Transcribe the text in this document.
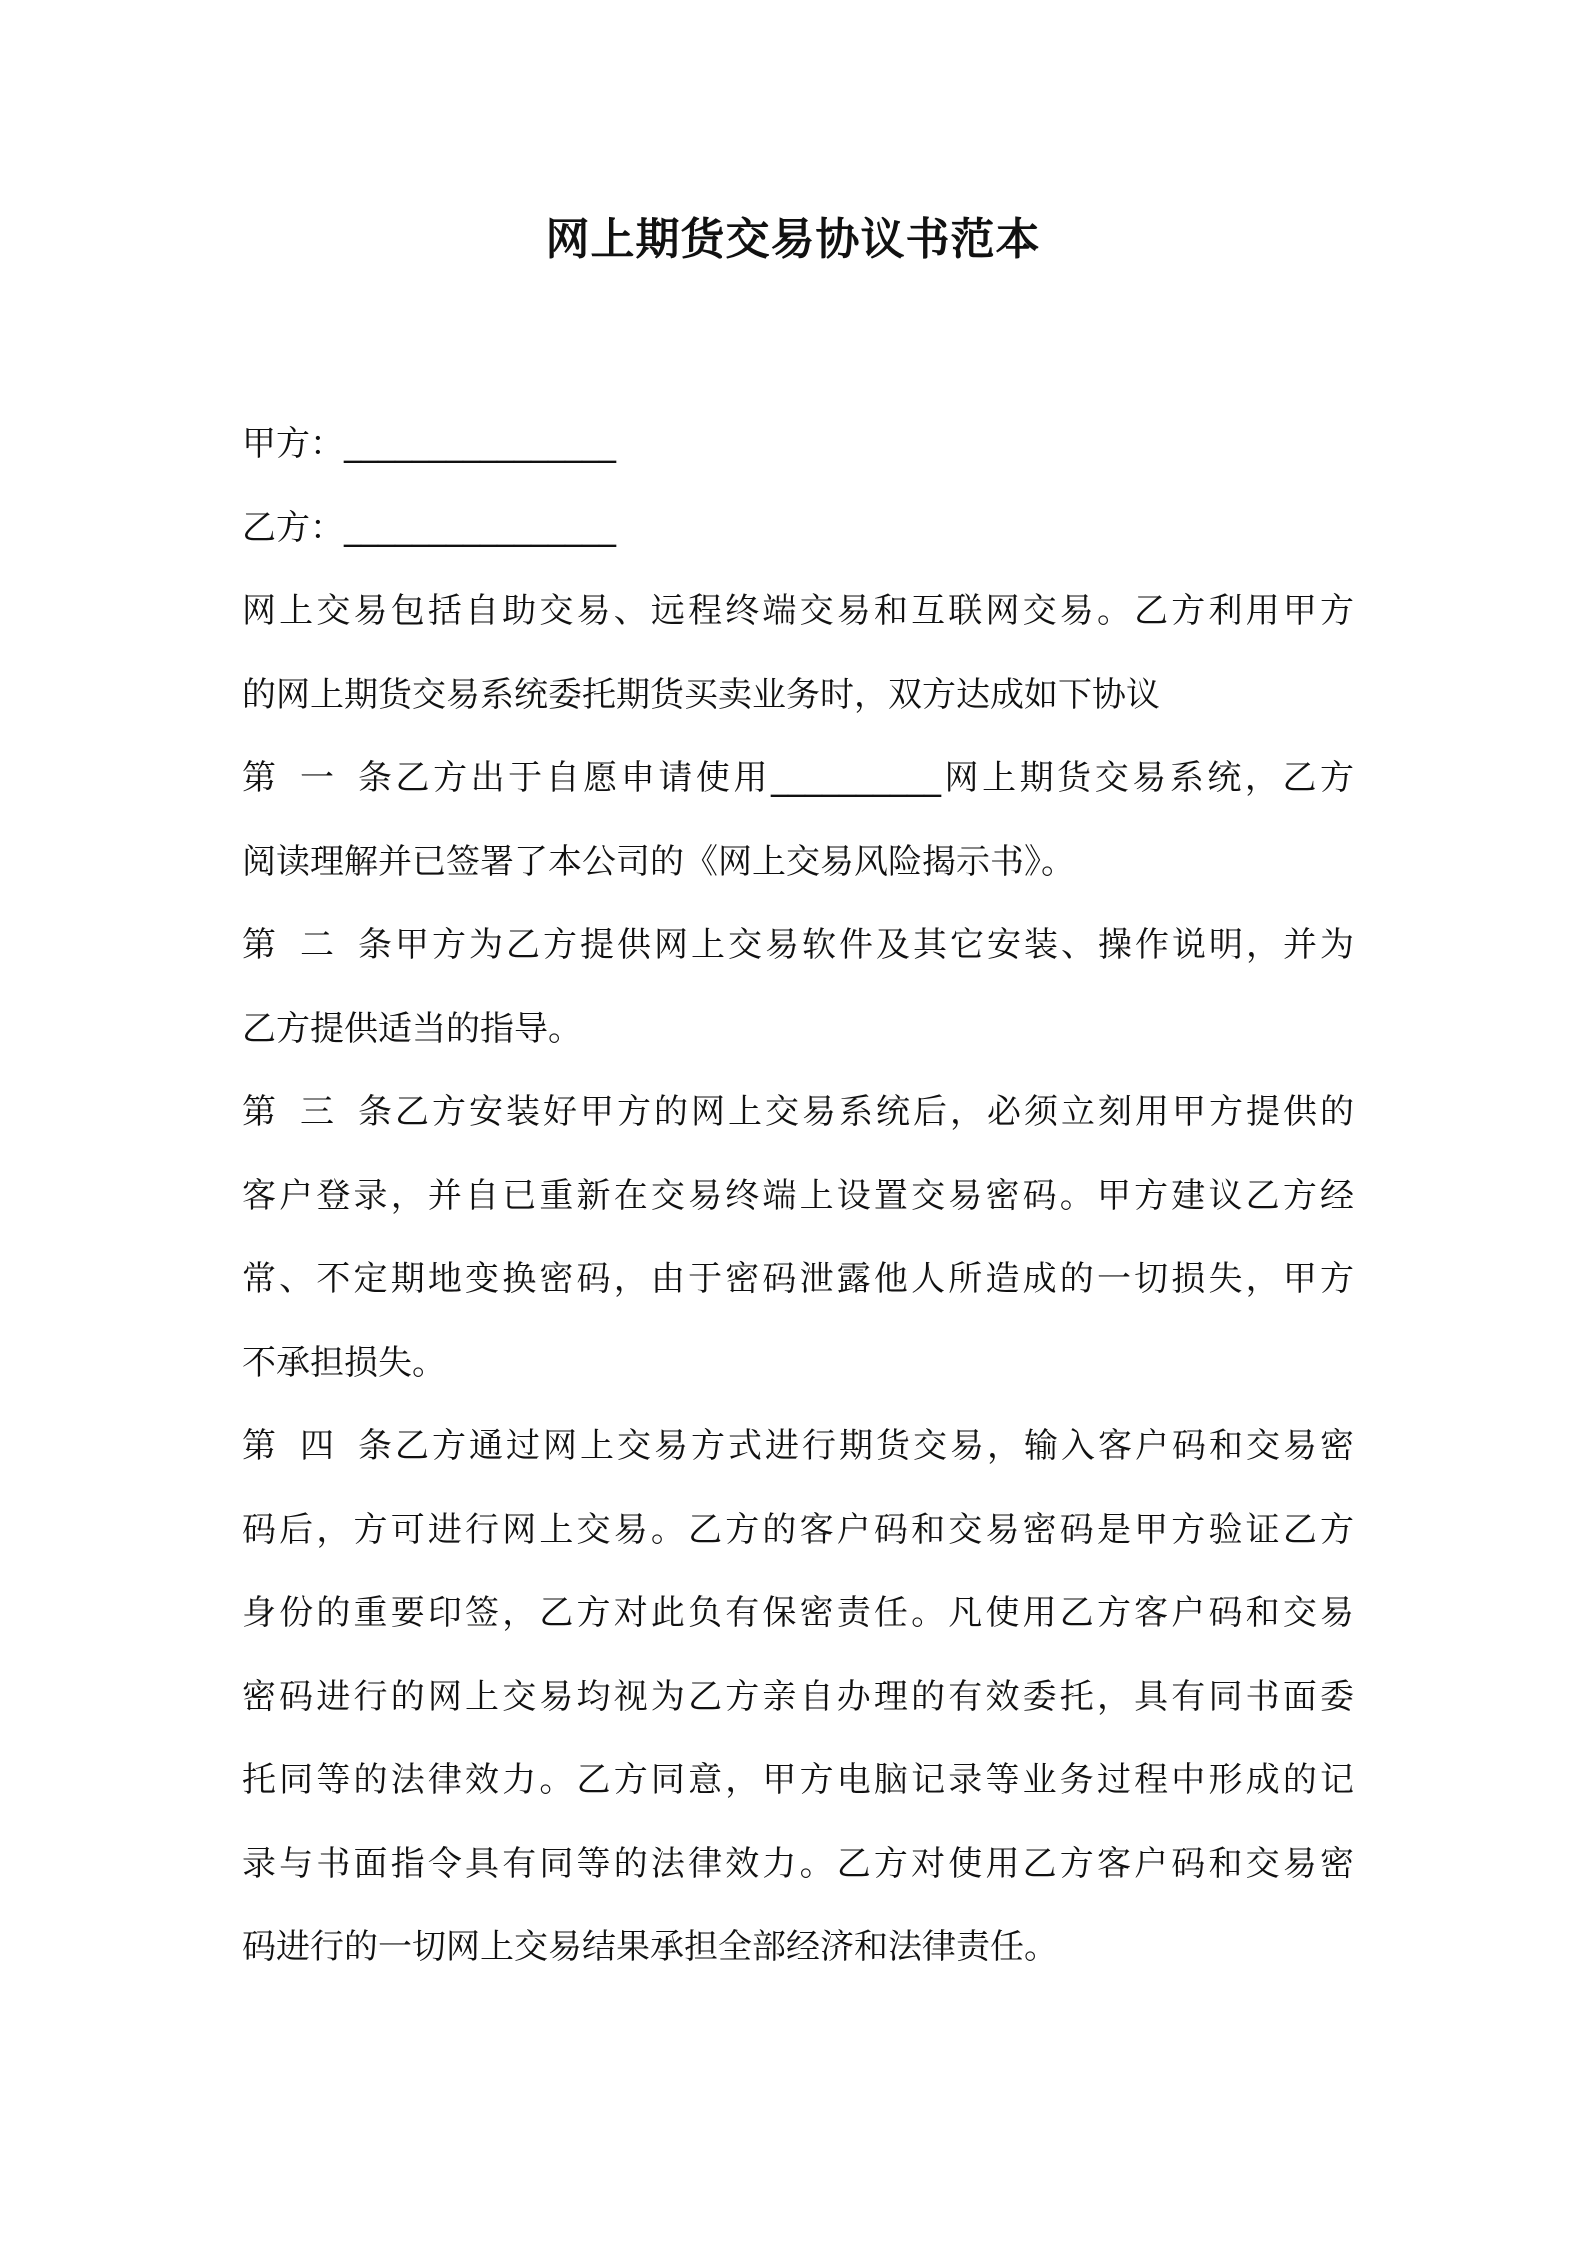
网上期货交易协议书范本
甲方：________________
乙方：________________
网上交易包括自助交易、远程终端交易和互联网交易。乙方利用甲方
的网上期货交易系统委托期货买卖业务时，双方达成如下协议
第一条乙方出于自愿申请使用__________网上期货交易系统，乙方
阅读理解并已签署了本公司的《网上交易风险揭示书》。
第二条甲方为乙方提供网上交易软件及其它安装、操作说明，并为
乙方提供适当的指导。
第三条乙方安装好甲方的网上交易系统后，必须立刻用甲方提供的
客户登录，并自已重新在交易终端上设置交易密码。甲方建议乙方经
常、不定期地变换密码，由于密码泄露他人所造成的一切损失，甲方
不承担损失。
第四条乙方通过网上交易方式进行期货交易，输入客户码和交易密
码后，方可进行网上交易。乙方的客户码和交易密码是甲方验证乙方
身份的重要印签，乙方对此负有保密责任。凡使用乙方客户码和交易
密码进行的网上交易均视为乙方亲自办理的有效委托，具有同书面委
托同等的法律效力。乙方同意，甲方电脑记录等业务过程中形成的记
录与书面指令具有同等的法律效力。乙方对使用乙方客户码和交易密
码进行的一切网上交易结果承担全部经济和法律责任。
